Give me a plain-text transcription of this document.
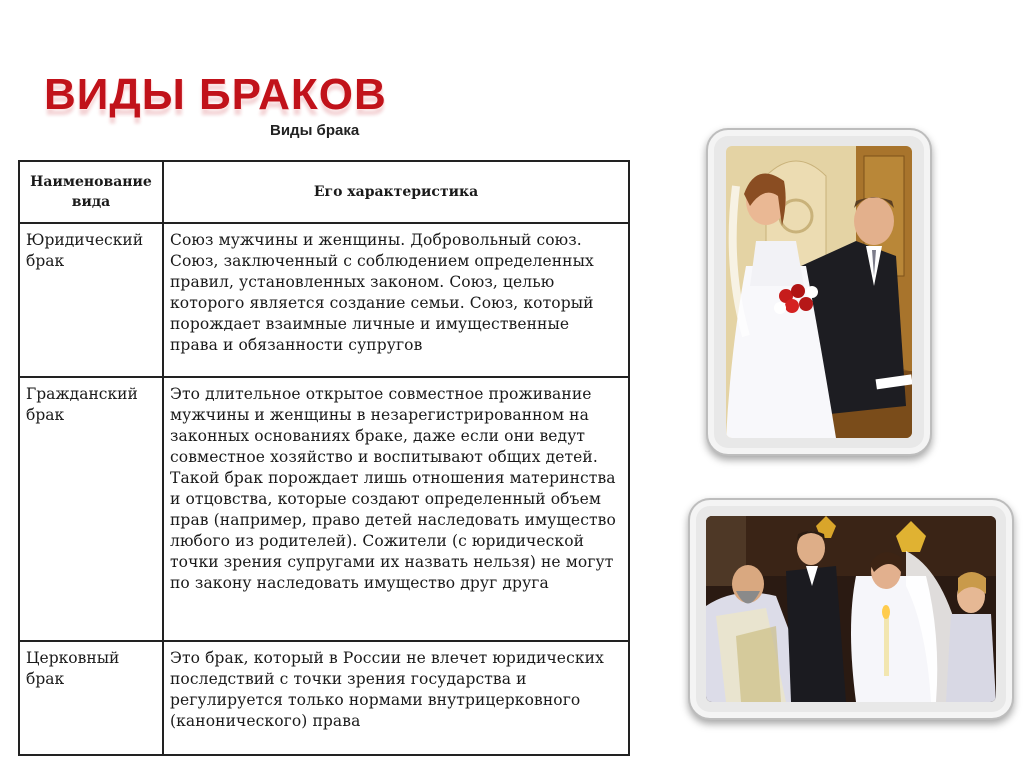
ВИДЫ БРАКОВ
Виды брака
Наименование вида	Его характеристика
Юридический брак	Союз мужчины и женщины. Добровольный союз. Союз, заключенный с соблюдением определенных правил, установленных законом. Союз, целью которого является создание семьи. Союз, который порождает взаимные личные и имущественные права и обязанности супругов
Гражданский брак	Это длительное открытое совместное проживание мужчины и женщины в незарегистрированном на законных основаниях браке, даже если они ведут совместное хозяйство и воспитывают общих детей. Такой брак порождает лишь отношения материнства и отцовства, которые создают определенный объем прав (например, право детей наследовать имущество любого из родителей). Сожители (с юридической точки зрения супругами их назвать нельзя) не могут по закону наследовать имущество друг друга
Церковный брак	Это брак, который в России не влечет юридических последствий с точки зрения государства и регулируется только нормами внутрицерковного (канонического) права
